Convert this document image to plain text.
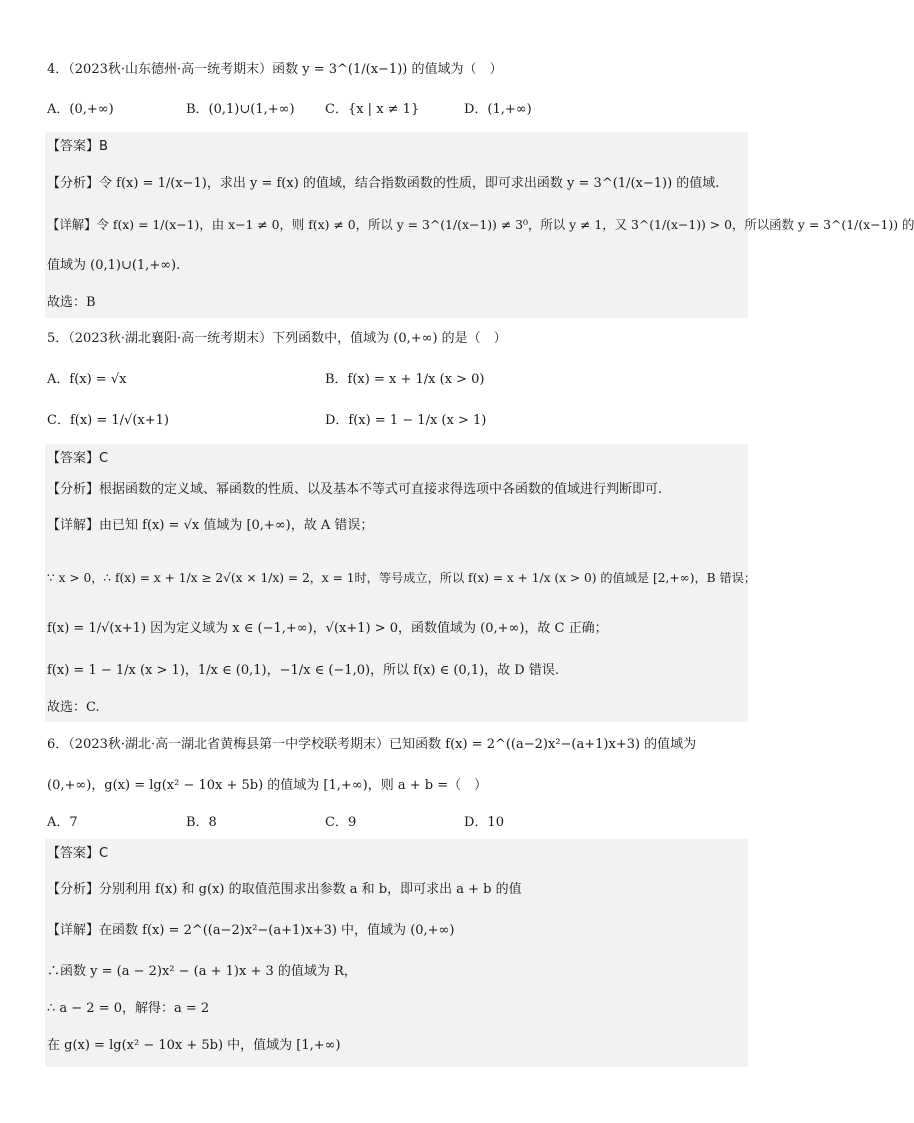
4．（2023秋·山东德州·高一统考期末）函数 y = 3^(1/(x−1)) 的值域为（　）
A．(0,+∞)	B．(0,1)∪(1,+∞) C．{x | x ≠ 1}	D．(1,+∞)
【答案】B
【分析】令 f(x) = 1/(x−1)，求出 y = f(x) 的值域，结合指数函数的性质，即可求出函数 y = 3^(1/(x−1)) 的值域.
【详解】令 f(x) = 1/(x−1)，由 x−1 ≠ 0，则 f(x) ≠ 0，所以 y = 3^(1/(x−1)) ≠ 3⁰，所以 y ≠ 1，又 3^(1/(x−1)) > 0，所以函数 y = 3^(1/(x−1)) 的
值域为 (0,1)∪(1,+∞).
故选：B
5．（2023秋·湖北襄阳·高一统考期末）下列函数中，值域为 (0,+∞) 的是（　）
A．f(x) = √x	B．f(x) = x + 1/x (x > 0)
C．f(x) = 1/√(x+1)	D．f(x) = 1 − 1/x (x > 1)
【答案】C
【分析】根据函数的定义域、幂函数的性质、以及基本不等式可直接求得选项中各函数的值域进行判断即可.
【详解】由已知 f(x) = √x 值域为 [0,+∞)，故 A 错误；
∵ x > 0，∴ f(x) = x + 1/x ≥ 2√(x × 1/x) = 2，x = 1时，等号成立，所以 f(x) = x + 1/x (x > 0) 的值域是 [2,+∞)，B 错误；
f(x) = 1/√(x+1) 因为定义域为 x ∈ (−1,+∞)，√(x+1) > 0，函数值域为 (0,+∞)，故 C 正确；
f(x) = 1 − 1/x (x > 1)，1/x ∈ (0,1)，−1/x ∈ (−1,0)，所以 f(x) ∈ (0,1)，故 D 错误.
故选：C.
6．（2023秋·湖北·高一湖北省黄梅县第一中学校联考期末）已知函数 f(x) = 2^((a−2)x²−(a+1)x+3) 的值域为
(0,+∞)，g(x) = lg(x² − 10x + 5b) 的值域为 [1,+∞)，则 a + b =（　）
A．7	B．8	C．9	D．10
【答案】C
【分析】分别利用 f(x) 和 g(x) 的取值范围求出参数 a 和 b，即可求出 a + b 的值
【详解】在函数 f(x) = 2^((a−2)x²−(a+1)x+3) 中，值域为 (0,+∞)
∴函数 y = (a − 2)x² − (a + 1)x + 3 的值域为 R，
∴ a − 2 = 0，解得：a = 2
在 g(x) = lg(x² − 10x + 5b) 中，值域为 [1,+∞)
